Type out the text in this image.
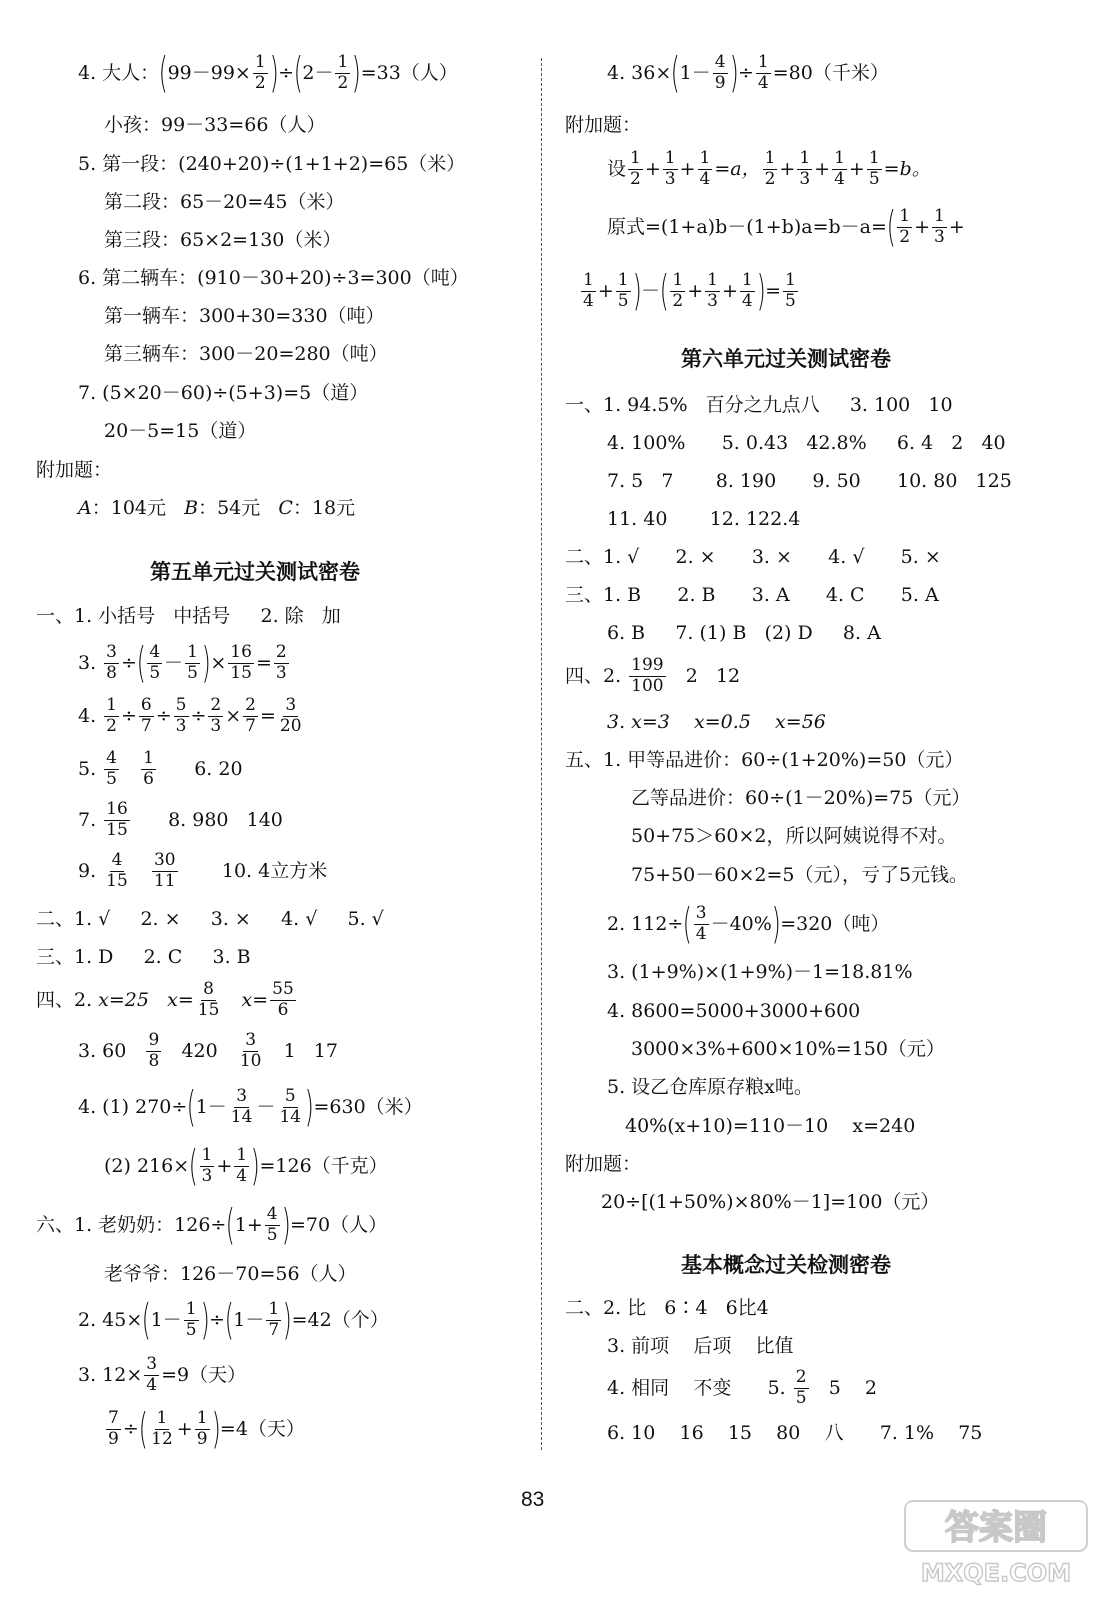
4. 大人： ( $99-99\times \frac{1}{2}$ ) ÷ ( $2- \frac{1}{2}$ ) =33（人）
小孩：99－33=66（人）
5. 第一段：(240+20)÷(1+1+2)=65（米）
第二段：65－20=45（米）
第三段：65×2=130（米）
6. 第二辆车：(910－30+20)÷3=300（吨）
第一辆车：300+30=330（吨）
第三辆车：300－20=280（吨）
7. (5×20－60)÷(5+3)=5（道）
20－5=15（道）
附加题：
A ：104元
B ：54元
C ：18元
第五单元过关测试密卷
一、1. 小括号   中括号     2. 除   加
3. $\frac{3}{8}$ ÷ ( $\frac{4}{5} - \frac{1}{5}$ ) × $\frac{16}{15} = \frac{2}{3}$
4. $\frac{1}{2} \div \frac{6}{7} \div \frac{5}{3} \div \frac{2}{3} \times \frac{2}{7} = \frac{3}{20}$
5. $\frac{4}{5}$
$\frac{1}{6}$
6. 20
7. $\frac{16}{15}$
8. 980   140
9. $\frac{4}{15}$
$\frac{30}{11}$
10. 4立方米
二、1. √     2. ×     3. ×     4. √     5. √
三、1. D     2. C     3. B
四、2. x=25
$x= \frac{8}{15}$
$x= \frac{55}{6}$
3. 60
$\frac{9}{8}$
420
$\frac{3}{10}$
1   17
4. (1) 270÷ ( $1- \frac{3}{14} - \frac{5}{14}$ ) =630（米）
(2) 216× ( $\frac{1}{3} + \frac{1}{4}$ ) =126（千克）
六、1. 老奶奶：126÷ ( $1+ \frac{4}{5}$ ) =70（人）
老爷爷：126－70=56（人）
2. 45× ( $1- \frac{1}{5}$ ) ÷ ( $1- \frac{1}{7}$ ) =42（个）
3. $12\times \frac{3}{4} =9$（天）
$\frac{7}{9}$ ÷ ( $\frac{1}{12} + \frac{1}{9}$ ) =4（天）
4. 36× ( $1- \frac{4}{9}$ ) ÷ $\frac{1}{4} =80$（千米）
附加题：
设 $\frac{1}{2} + \frac{1}{3} + \frac{1}{4} =a$， $\frac{1}{2} + \frac{1}{3} + \frac{1}{4} + \frac{1}{5} =b$。
原式=(1+a)b－(1+b)a=b－a= ( $\frac{1}{2} + \frac{1}{3}$ +
$\frac{1}{4} + \frac{1}{5}$ ) － ( $\frac{1}{2} + \frac{1}{3} + \frac{1}{4}$ ) = $\frac{1}{5}$
第六单元过关测试密卷
一、1. 94.5%   百分之九点八     3. 100   10
4. 100%      5. 0.43   42.8%     6. 4   2   40
7. 5   7       8. 190      9. 50      10. 80   125
11. 40       12. 122.4
二、1. √      2. ×      3. ×      4. √      5. ×
三、1. B      2. B      3. A      4. C      5. A
6. B     7. (1) B   (2) D     8. A
四、2. $\frac{199}{100}$
2   12
3. x=3    x=0.5    x=56
五、1. 甲等品进价：60÷(1+20%)=50（元）
乙等品进价：60÷(1－20%)=75（元）
50+75＞60×2，所以阿姨说得不对。
75+50－60×2=5（元），亏了5元钱。
2. 112÷ ( $\frac{3}{4} -40\%$ ) =320（吨）
3. (1+9%)×(1+9%)－1=18.81%
4. 8600=5000+3000+600
3000×3%+600×10%=150（元）
5. 设乙仓库原存粮x吨。
40%(x+10)=110－10    x=240
附加题：
20÷[(1+50%)×80%－1]=100（元）
基本概念过关检测密卷
二、2. 比   6∶4   6比4
3. 前项    后项    比值
4. 相同    不变      5. $\frac{2}{5}$
5    2
6. 10    16    15    80    八      7. 1%    75
83
答案圈
MXQE.COM
